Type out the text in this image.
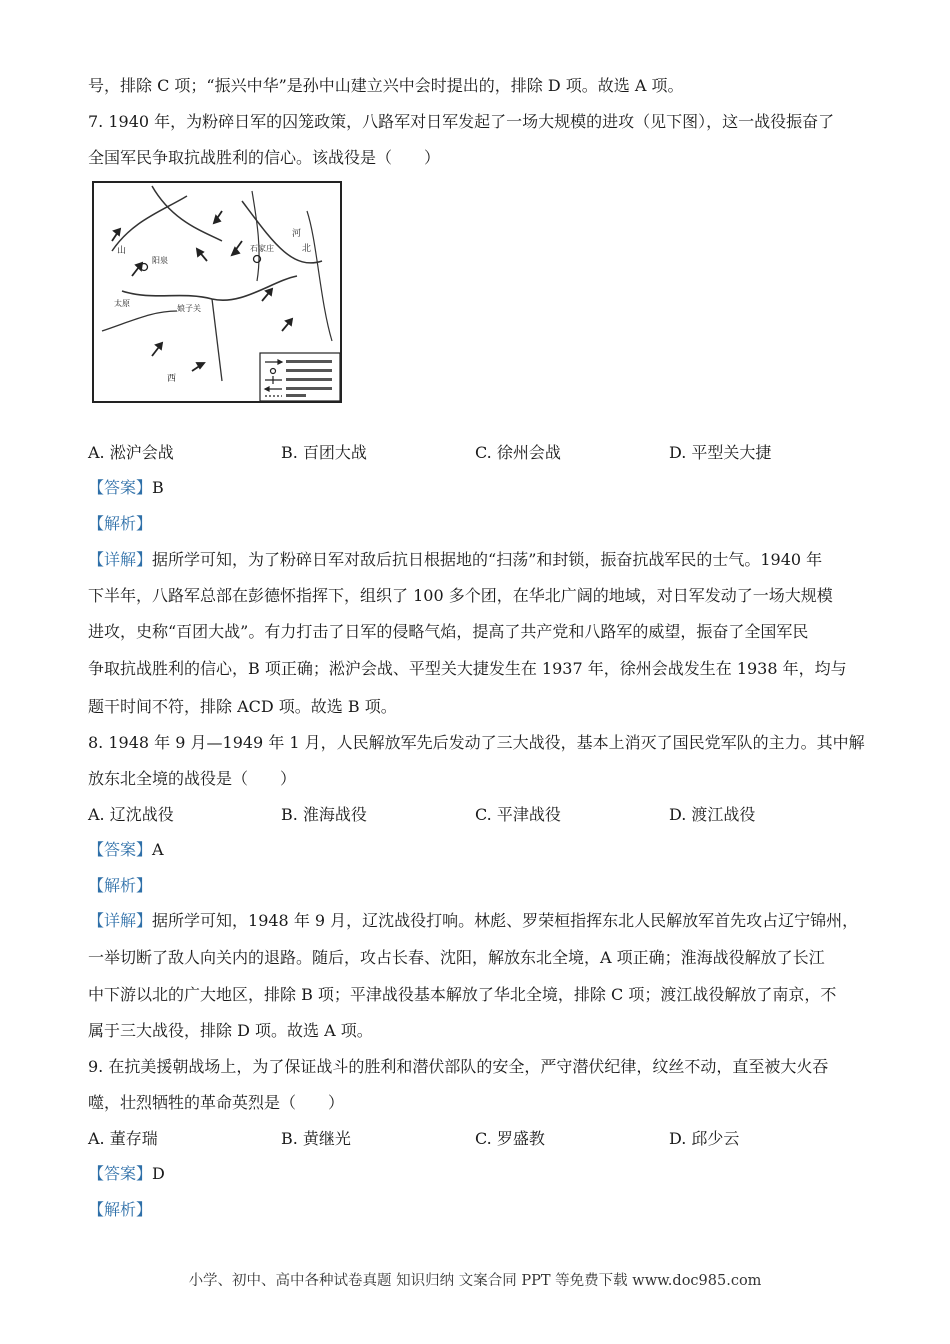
号，排除 C 项；“振兴中华”是孙中山建立兴中会时提出的，排除 D 项。故选 A 项。
7. 1940 年，为粉碎日军的囚笼政策，八路军对日军发起了一场大规模的进攻（见下图），这一战役振奋了
全国军民争取抗战胜利的信心。该战役是（　　）
石家庄
阳泉
太原
娘子关
山
河
北
西
A. 淞沪会战	B. 百团大战	C. 徐州会战	D. 平型关大捷
【答案】B
【解析】
【详解】据所学可知，为了粉碎日军对敌后抗日根据地的“扫荡”和封锁，振奋抗战军民的士气。1940 年
下半年，八路军总部在彭德怀指挥下，组织了 100 多个团，在华北广阔的地域，对日军发动了一场大规模
进攻，史称“百团大战”。有力打击了日军的侵略气焰，提高了共产党和八路军的威望，振奋了全国军民
争取抗战胜利的信心，B 项正确；淞沪会战、平型关大捷发生在 1937 年，徐州会战发生在 1938 年，均与
题干时间不符，排除 ACD 项。故选 B 项。
8. 1948 年 9 月—1949 年 1 月，人民解放军先后发动了三大战役，基本上消灭了国民党军队的主力。其中解
放东北全境的战役是（　　）
A. 辽沈战役	B. 淮海战役	C. 平津战役	D. 渡江战役
【答案】A
【解析】
【详解】据所学可知，1948 年 9 月，辽沈战役打响。林彪、罗荣桓指挥东北人民解放军首先攻占辽宁锦州，
一举切断了敌人向关内的退路。随后，攻占长春、沈阳，解放东北全境，A 项正确；淮海战役解放了长江
中下游以北的广大地区，排除 B 项；平津战役基本解放了华北全境，排除 C 项；渡江战役解放了南京，不
属于三大战役，排除 D 项。故选 A 项。
9. 在抗美援朝战场上，为了保证战斗的胜利和潜伏部队的安全，严守潜伏纪律，纹丝不动，直至被大火吞
噬，壮烈牺牲的革命英烈是（　　）
A. 董存瑞	B. 黄继光	C. 罗盛教	D. 邱少云
【答案】D
【解析】
小学、初中、高中各种试卷真题 知识归纳 文案合同 PPT 等免费下载 www.doc985.com
